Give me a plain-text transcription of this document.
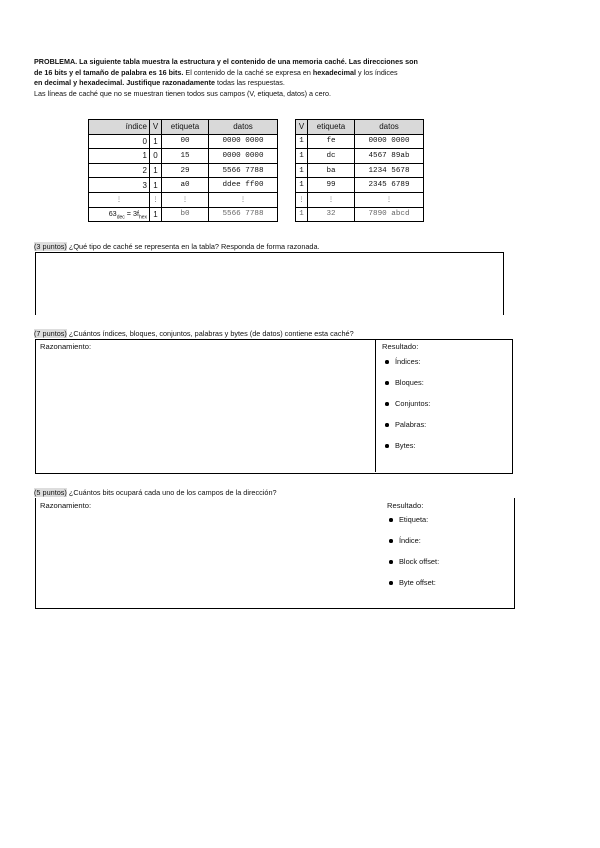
PROBLEMA. La siguiente tabla muestra la estructura y el contenido de una memoria caché. Las direcciones son
de 16 bits y el tamaño de palabra es 16 bits. El contenido de la caché se expresa en hexadecimal y los índices
en decimal y hexadecimal. Justifique razonadamente todas las respuestas.
Las líneas de caché que no se muestran tienen todos sus campos (V, etiqueta, datos) a cero.
índice	V	etiqueta	datos		V	etiqueta	datos
0	1	00	0000 0000		1	fe	0000 0000
1	0	15	0000 0000		1	dc	4567 89ab
2	1	29	5566 7788		1	ba	1234 5678
3	1	a0	ddee ff00		1	99	2345 6789
⋮	⋮	⋮	⋮		⋮	⋮	⋮
$63_{dec} = 3f_{hex}$	1	b0	5566 7788		1	32	7890 abcd
(3 puntos) ¿Qué tipo de caché se representa en la tabla? Responda de forma razonada.
(7 puntos) ¿Cuántos índices, bloques, conjuntos, palabras y bytes (de datos) contiene esta caché?
Razonamiento:	Resultado:
Índices:
Bloques:
Conjuntos:
Palabras:
Bytes:
(5 puntos) ¿Cuántos bits ocupará cada uno de los campos de la dirección?
Razonamiento:	Resultado:
Etiqueta:
Índice:
Block offset:
Byte offset:
